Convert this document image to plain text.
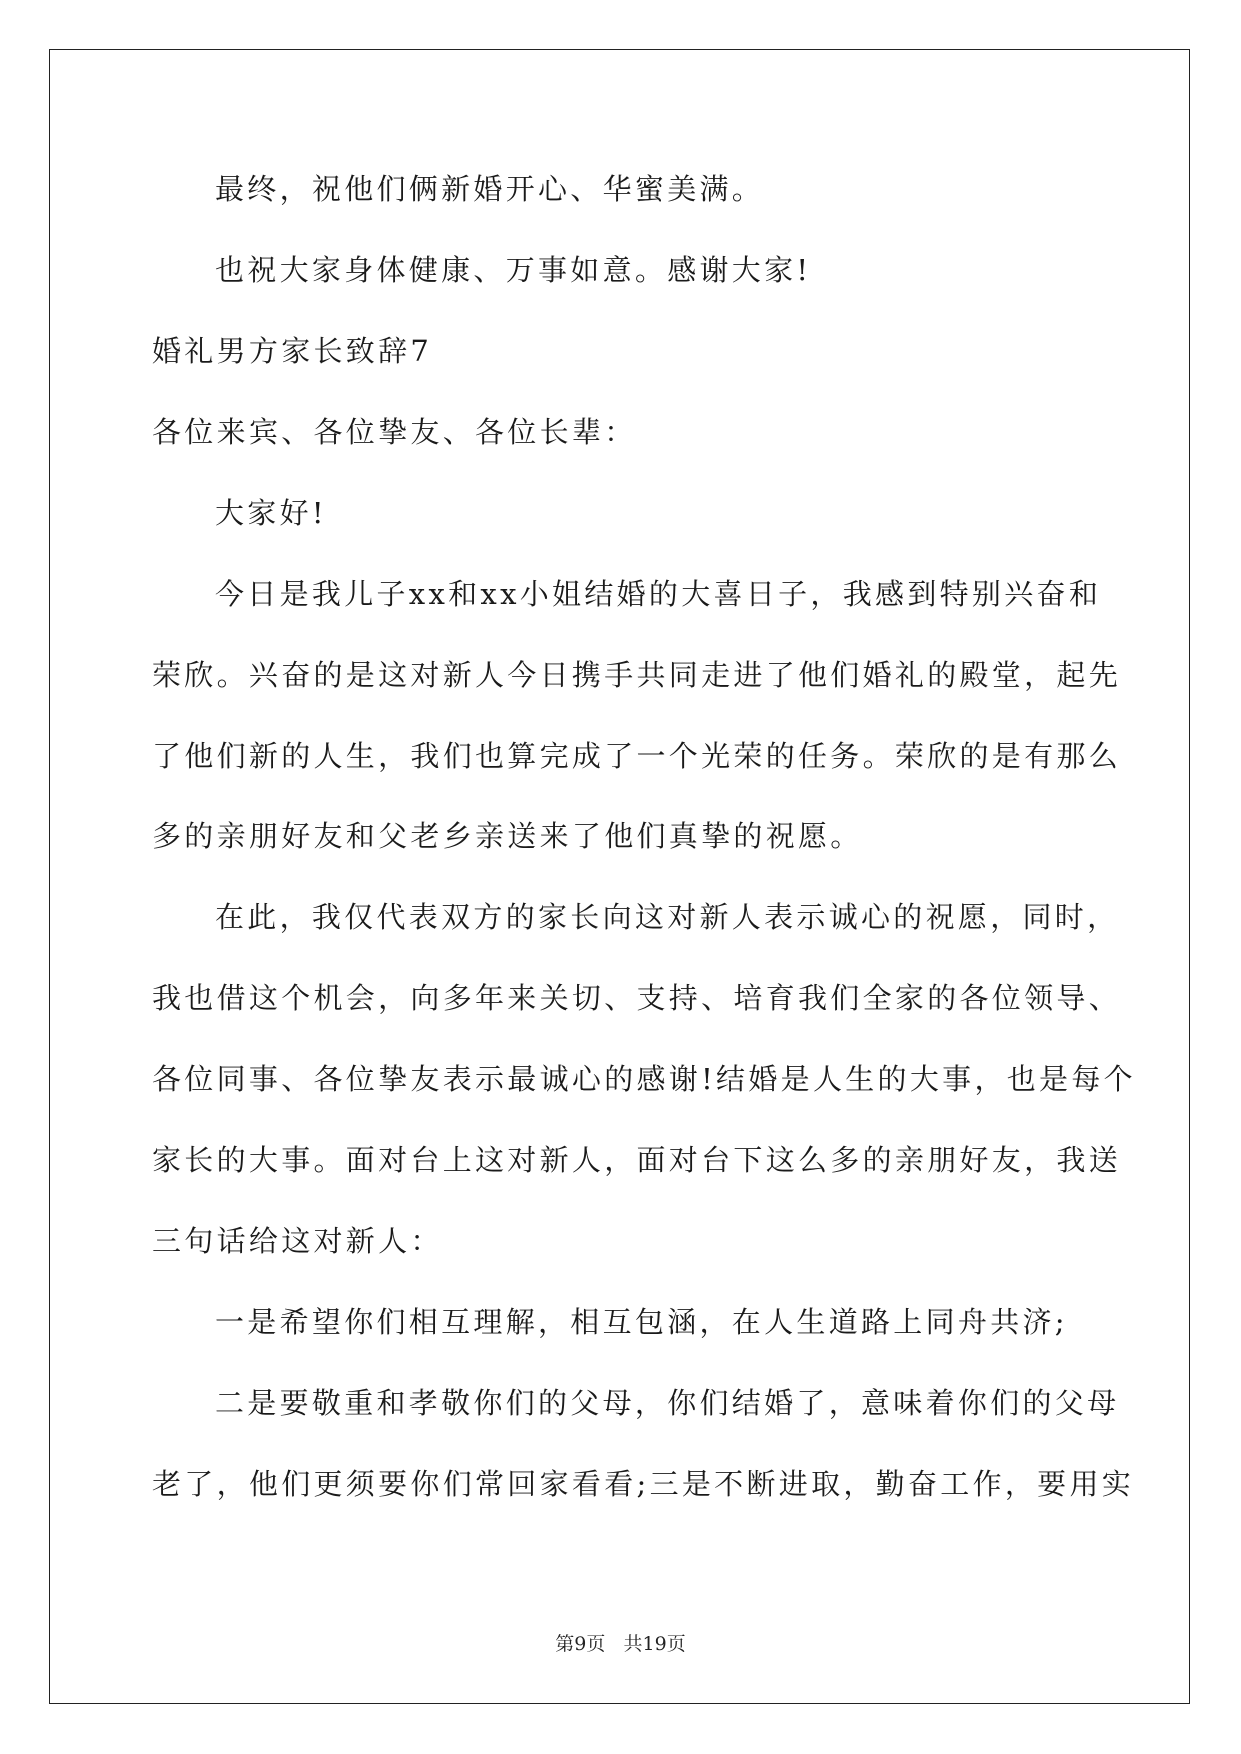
最终，祝他们俩新婚开心、华蜜美满。
也祝大家身体健康、万事如意。感谢大家!
婚礼男方家长致辞7
各位来宾、各位挚友、各位长辈：
大家好!
今日是我儿子xx和xx小姐结婚的大喜日子，我感到特别兴奋和
荣欣。兴奋的是这对新人今日携手共同走进了他们婚礼的殿堂，起先
了他们新的人生，我们也算完成了一个光荣的任务。荣欣的是有那么
多的亲朋好友和父老乡亲送来了他们真挚的祝愿。
在此，我仅代表双方的家长向这对新人表示诚心的祝愿，同时，
我也借这个机会，向多年来关切、支持、培育我们全家的各位领导、
各位同事、各位挚友表示最诚心的感谢!结婚是人生的大事，也是每个
家长的大事。面对台上这对新人，面对台下这么多的亲朋好友，我送
三句话给这对新人：
一是希望你们相互理解，相互包涵，在人生道路上同舟共济;
二是要敬重和孝敬你们的父母，你们结婚了，意味着你们的父母
老了，他们更须要你们常回家看看;三是不断进取，勤奋工作，要用实
第9页 共19页
